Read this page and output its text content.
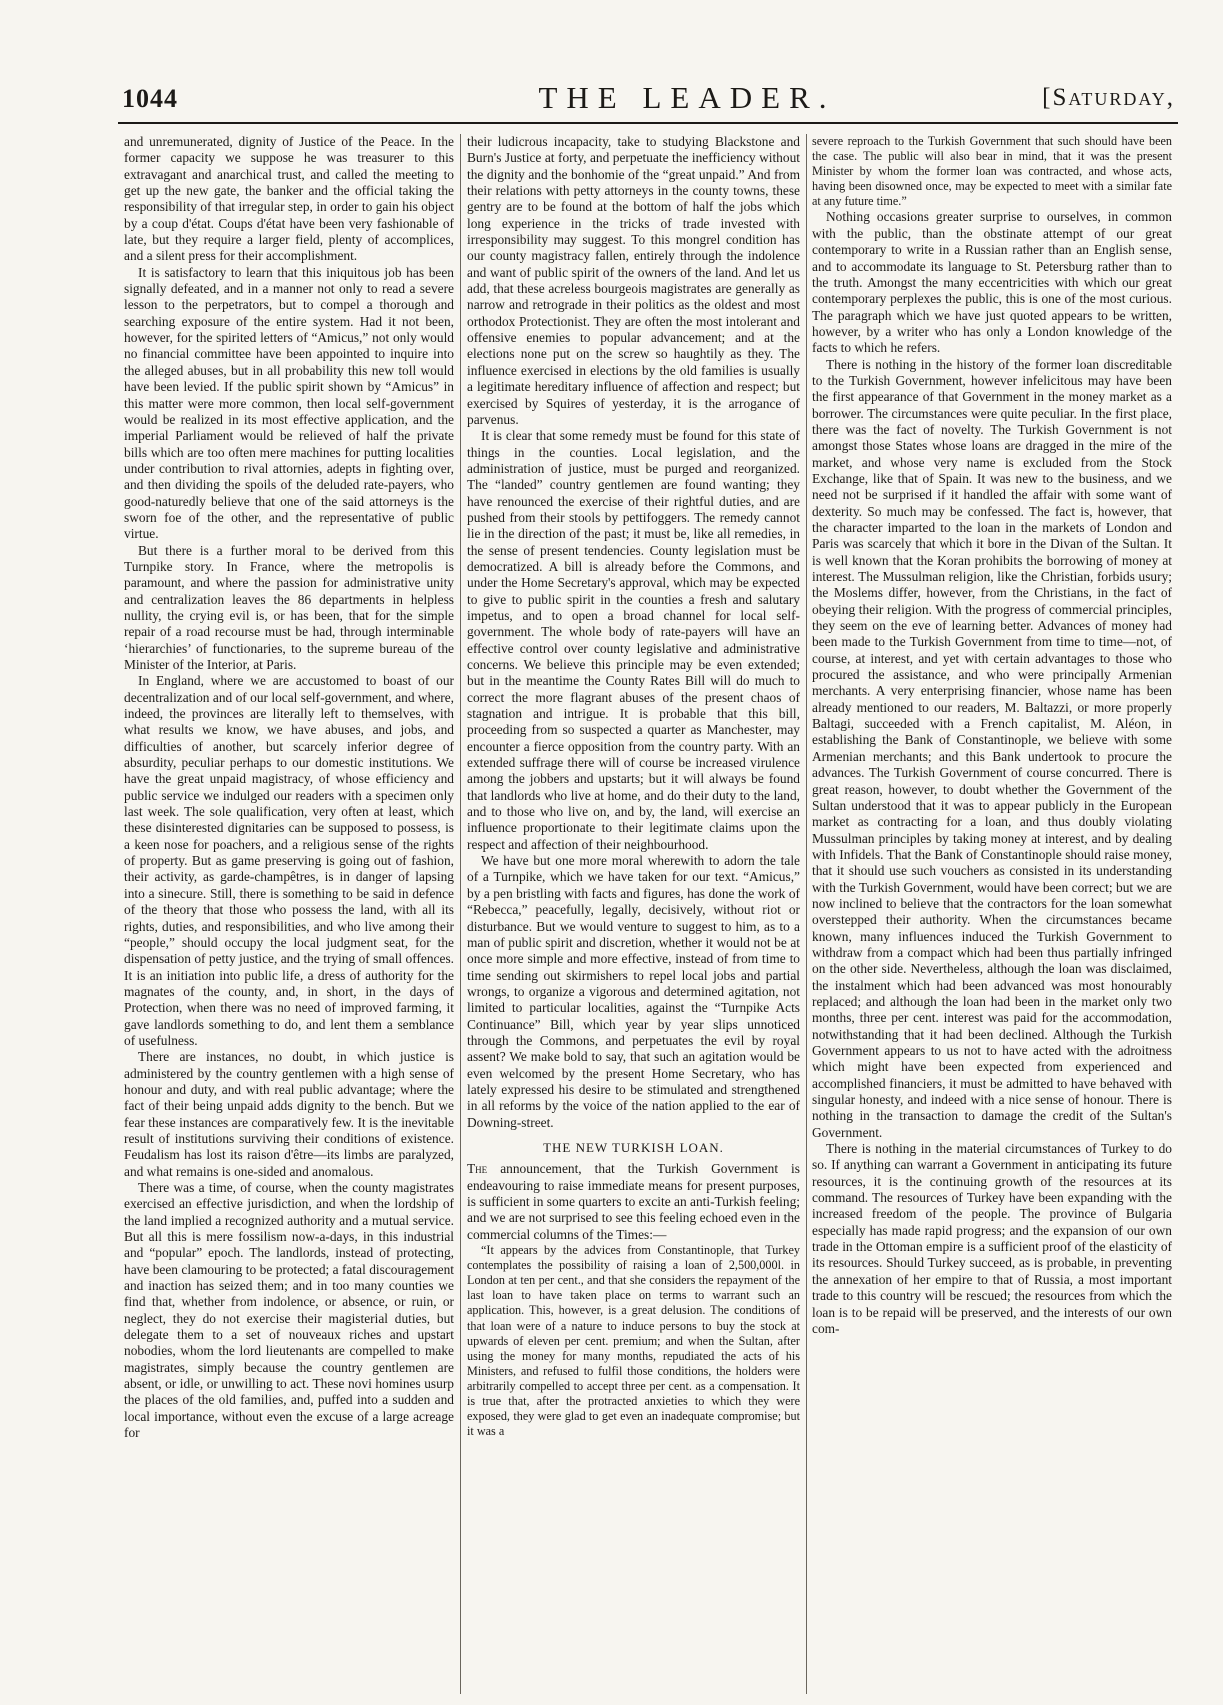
1044	THE LEADER.	[Saturday,

and unremunerated, dignity of Justice of the Peace. In the former capacity we suppose he was treasurer to this extravagant and anarchical trust, and called the meeting to get up the new gate, the banker and the official taking the responsibility of that irregular step, in order to gain his object by a coup d'état. Coups d'état have been very fashionable of late, but they require a larger field, plenty of accomplices, and a silent press for their accomplishment.

It is satisfactory to learn that this iniquitous job has been signally defeated, and in a manner not only to read a severe lesson to the perpetrators, but to compel a thorough and searching exposure of the entire system. Had it not been, however, for the spirited letters of “Amicus,” not only would no financial committee have been appointed to inquire into the alleged abuses, but in all probability this new toll would have been levied. If the public spirit shown by “Amicus” in this matter were more common, then local self-government would be realized in its most effective application, and the imperial Parliament would be relieved of half the private bills which are too often mere machines for putting localities under contribution to rival attornies, adepts in fighting over, and then dividing the spoils of the deluded rate-payers, who good-naturedly believe that one of the said attorneys is the sworn foe of the other, and the representative of public virtue.

But there is a further moral to be derived from this Turnpike story. In France, where the metropolis is paramount, and where the passion for administrative unity and centralization leaves the 86 departments in helpless nullity, the crying evil is, or has been, that for the simple repair of a road recourse must be had, through interminable ‘hierarchies’ of functionaries, to the supreme bureau of the Minister of the Interior, at Paris.

In England, where we are accustomed to boast of our decentralization and of our local self-government, and where, indeed, the provinces are literally left to themselves, with what results we know, we have abuses, and jobs, and difficulties of another, but scarcely inferior degree of absurdity, peculiar perhaps to our domestic institutions. We have the great unpaid magistracy, of whose efficiency and public service we indulged our readers with a specimen only last week. The sole qualification, very often at least, which these disinterested dignitaries can be supposed to possess, is a keen nose for poachers, and a religious sense of the rights of property. But as game preserving is going out of fashion, their activity, as garde-champêtres, is in danger of lapsing into a sinecure. Still, there is something to be said in defence of the theory that those who possess the land, with all its rights, duties, and responsibilities, and who live among their “people,” should occupy the local judgment seat, for the dispensation of petty justice, and the trying of small offences. It is an initiation into public life, a dress of authority for the magnates of the county, and, in short, in the days of Protection, when there was no need of improved farming, it gave landlords something to do, and lent them a semblance of usefulness.

There are instances, no doubt, in which justice is administered by the country gentlemen with a high sense of honour and duty, and with real public advantage; where the fact of their being unpaid adds dignity to the bench. But we fear these instances are comparatively few. It is the inevitable result of institutions surviving their conditions of existence. Feudalism has lost its raison d'être—its limbs are paralyzed, and what remains is one-sided and anomalous.

There was a time, of course, when the county magistrates exercised an effective jurisdiction, and when the lordship of the land implied a recognized authority and a mutual service. But all this is mere fossilism now-a-days, in this industrial and “popular” epoch. The landlords, instead of protecting, have been clamouring to be protected; a fatal discouragement and inaction has seized them; and in too many counties we find that, whether from indolence, or absence, or ruin, or neglect, they do not exercise their magisterial duties, but delegate them to a set of nouveaux riches and upstart nobodies, whom the lord lieutenants are compelled to make magistrates, simply because the country gentlemen are absent, or idle, or unwilling to act. These novi homines usurp the places of the old families, and, puffed into a sudden and local importance, without even the excuse of a large acreage for

their ludicrous incapacity, take to studying Blackstone and Burn's Justice at forty, and perpetuate the inefficiency without the dignity and the bonhomie of the “great unpaid.” And from their relations with petty attorneys in the county towns, these gentry are to be found at the bottom of half the jobs which long experience in the tricks of trade invested with irresponsibility may suggest. To this mongrel condition has our county magistracy fallen, entirely through the indolence and want of public spirit of the owners of the land. And let us add, that these acreless bourgeois magistrates are generally as narrow and retrograde in their politics as the oldest and most orthodox Protectionist. They are often the most intolerant and offensive enemies to popular advancement; and at the elections none put on the screw so haughtily as they. The influence exercised in elections by the old families is usually a legitimate hereditary influence of affection and respect; but exercised by Squires of yesterday, it is the arrogance of parvenus.

It is clear that some remedy must be found for this state of things in the counties. Local legislation, and the administration of justice, must be purged and reorganized. The “landed” country gentlemen are found wanting; they have renounced the exercise of their rightful duties, and are pushed from their stools by pettifoggers. The remedy cannot lie in the direction of the past; it must be, like all remedies, in the sense of present tendencies. County legislation must be democratized. A bill is already before the Commons, and under the Home Secretary's approval, which may be expected to give to public spirit in the counties a fresh and salutary impetus, and to open a broad channel for local self-government. The whole body of rate-payers will have an effective control over county legislative and administrative concerns. We believe this principle may be even extended; but in the meantime the County Rates Bill will do much to correct the more flagrant abuses of the present chaos of stagnation and intrigue. It is probable that this bill, proceeding from so suspected a quarter as Manchester, may encounter a fierce opposition from the country party. With an extended suffrage there will of course be increased virulence among the jobbers and upstarts; but it will always be found that landlords who live at home, and do their duty to the land, and to those who live on, and by, the land, will exercise an influence proportionate to their legitimate claims upon the respect and affection of their neighbourhood.

We have but one more moral wherewith to adorn the tale of a Turnpike, which we have taken for our text. “Amicus,” by a pen bristling with facts and figures, has done the work of “Rebecca,” peacefully, legally, decisively, without riot or disturbance. But we would venture to suggest to him, as to a man of public spirit and discretion, whether it would not be at once more simple and more effective, instead of from time to time sending out skirmishers to repel local jobs and partial wrongs, to organize a vigorous and determined agitation, not limited to particular localities, against the “Turnpike Acts Continuance” Bill, which year by year slips unnoticed through the Commons, and perpetuates the evil by royal assent? We make bold to say, that such an agitation would be even welcomed by the present Home Secretary, who has lately expressed his desire to be stimulated and strengthened in all reforms by the voice of the nation applied to the ear of Downing-street.

THE NEW TURKISH LOAN.

The announcement, that the Turkish Government is endeavouring to raise immediate means for present purposes, is sufficient in some quarters to excite an anti-Turkish feeling; and we are not surprised to see this feeling echoed even in the commercial columns of the Times:—

“It appears by the advices from Constantinople, that Turkey contemplates the possibility of raising a loan of 2,500,000l. in London at ten per cent., and that she considers the repayment of the last loan to have taken place on terms to warrant such an application. This, however, is a great delusion. The conditions of that loan were of a nature to induce persons to buy the stock at upwards of eleven per cent. premium; and when the Sultan, after using the money for many months, repudiated the acts of his Ministers, and refused to fulfil those conditions, the holders were arbitrarily compelled to accept three per cent. as a compensation. It is true that, after the protracted anxieties to which they were exposed, they were glad to get even an inadequate compromise; but it was a

severe reproach to the Turkish Government that such should have been the case. The public will also bear in mind, that it was the present Minister by whom the former loan was contracted, and whose acts, having been disowned once, may be expected to meet with a similar fate at any future time.”

Nothing occasions greater surprise to ourselves, in common with the public, than the obstinate attempt of our great contemporary to write in a Russian rather than an English sense, and to accommodate its language to St. Petersburg rather than to the truth. Amongst the many eccentricities with which our great contemporary perplexes the public, this is one of the most curious. The paragraph which we have just quoted appears to be written, however, by a writer who has only a London knowledge of the facts to which he refers.

There is nothing in the history of the former loan discreditable to the Turkish Government, however infelicitous may have been the first appearance of that Government in the money market as a borrower. The circumstances were quite peculiar. In the first place, there was the fact of novelty. The Turkish Government is not amongst those States whose loans are dragged in the mire of the market, and whose very name is excluded from the Stock Exchange, like that of Spain. It was new to the business, and we need not be surprised if it handled the affair with some want of dexterity. So much may be confessed. The fact is, however, that the character imparted to the loan in the markets of London and Paris was scarcely that which it bore in the Divan of the Sultan. It is well known that the Koran prohibits the borrowing of money at interest. The Mussulman religion, like the Christian, forbids usury; the Moslems differ, however, from the Christians, in the fact of obeying their religion. With the progress of commercial principles, they seem on the eve of learning better. Advances of money had been made to the Turkish Government from time to time—not, of course, at interest, and yet with certain advantages to those who procured the assistance, and who were principally Armenian merchants. A very enterprising financier, whose name has been already mentioned to our readers, M. Baltazzi, or more properly Baltagi, succeeded with a French capitalist, M. Aléon, in establishing the Bank of Constantinople, we believe with some Armenian merchants; and this Bank undertook to procure the advances. The Turkish Government of course concurred. There is great reason, however, to doubt whether the Government of the Sultan understood that it was to appear publicly in the European market as contracting for a loan, and thus doubly violating Mussulman principles by taking money at interest, and by dealing with Infidels. That the Bank of Constantinople should raise money, that it should use such vouchers as consisted in its understanding with the Turkish Government, would have been correct; but we are now inclined to believe that the contractors for the loan somewhat overstepped their authority. When the circumstances became known, many influences induced the Turkish Government to withdraw from a compact which had been thus partially infringed on the other side. Nevertheless, although the loan was disclaimed, the instalment which had been advanced was most honourably replaced; and although the loan had been in the market only two months, three per cent. interest was paid for the accommodation, notwithstanding that it had been declined. Although the Turkish Government appears to us not to have acted with the adroitness which might have been expected from experienced and accomplished financiers, it must be admitted to have behaved with singular honesty, and indeed with a nice sense of honour. There is nothing in the transaction to damage the credit of the Sultan's Government.

There is nothing in the material circumstances of Turkey to do so. If anything can warrant a Government in anticipating its future resources, it is the continuing growth of the resources at its command. The resources of Turkey have been expanding with the increased freedom of the people. The province of Bulgaria especially has made rapid progress; and the expansion of our own trade in the Ottoman empire is a sufficient proof of the elasticity of its resources. Should Turkey succeed, as is probable, in preventing the annexation of her empire to that of Russia, a most important trade to this country will be rescued; the resources from which the loan is to be repaid will be preserved, and the interests of our own com-
